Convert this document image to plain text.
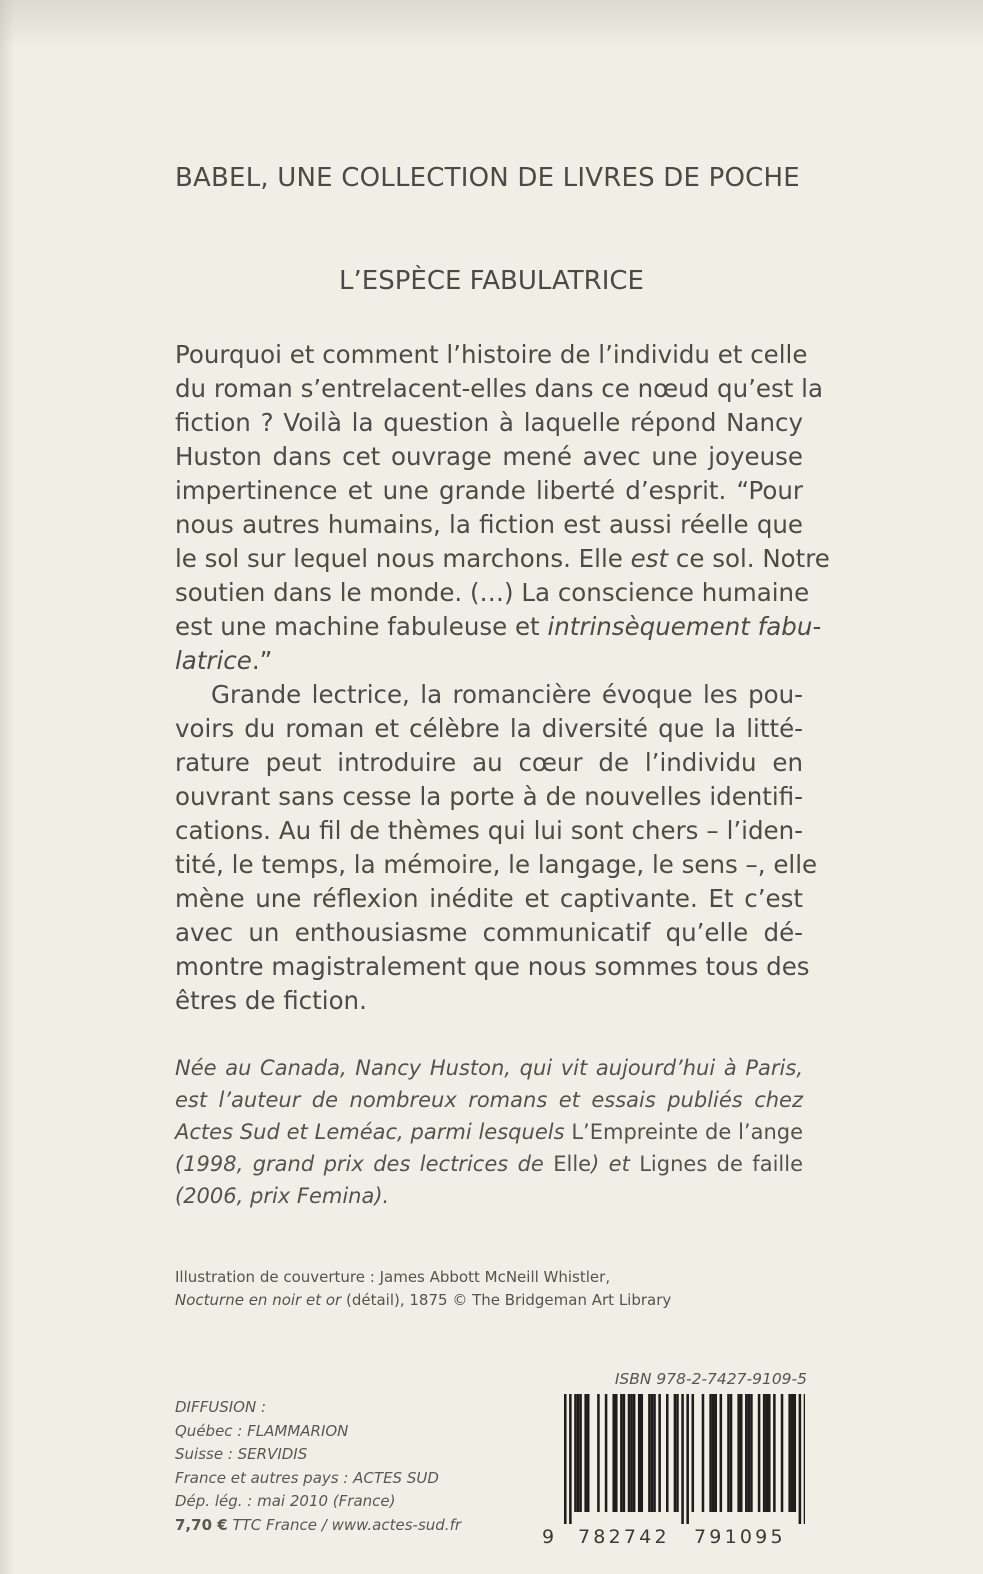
BABEL, UNE COLLECTION DE LIVRES DE POCHE
L’ESPÈCE FABULATRICE
Pourquoi et comment l’histoire de l’individu et celle
du roman s’entrelacent-elles dans ce nœud qu’est la
fiction ? Voilà la question à laquelle répond Nancy
Huston dans cet ouvrage mené avec une joyeuse
impertinence et une grande liberté d’esprit. “Pour
nous autres humains, la fiction est aussi réelle que
le sol sur lequel nous marchons. Elle est ce sol. Notre
soutien dans le monde. (…) La conscience humaine
est une machine fabuleuse et intrinsèquement fabu-
latrice.”
Grande lectrice, la romancière évoque les pou-
voirs du roman et célèbre la diversité que la litté-
rature peut introduire au cœur de l’individu en
ouvrant sans cesse la porte à de nouvelles identifi-
cations. Au fil de thèmes qui lui sont chers – l’iden-
tité, le temps, la mémoire, le langage, le sens –, elle
mène une réflexion inédite et captivante. Et c’est
avec un enthousiasme communicatif qu’elle dé-
montre magistralement que nous sommes tous des
êtres de fiction.
Née au Canada, Nancy Huston, qui vit aujourd’hui à Paris,
est l’auteur de nombreux romans et essais publiés chez
Actes Sud et Leméac, parmi lesquels L’Empreinte de l’ange
(1998, grand prix des lectrices de Elle) et Lignes de faille
(2006, prix Femina).
Illustration de couverture : James Abbott McNeill Whistler,
Nocturne en noir et or (détail), 1875 © The Bridgeman Art Library
DIFFUSION :
Québec : FLAMMARION
Suisse : SERVIDIS
France et autres pays : ACTES SUD
Dép. lég. : mai 2010 (France)
7,70 € TTC France / www.actes-sud.fr
ISBN 978-2-7427-9109-5
9 782742 791095
